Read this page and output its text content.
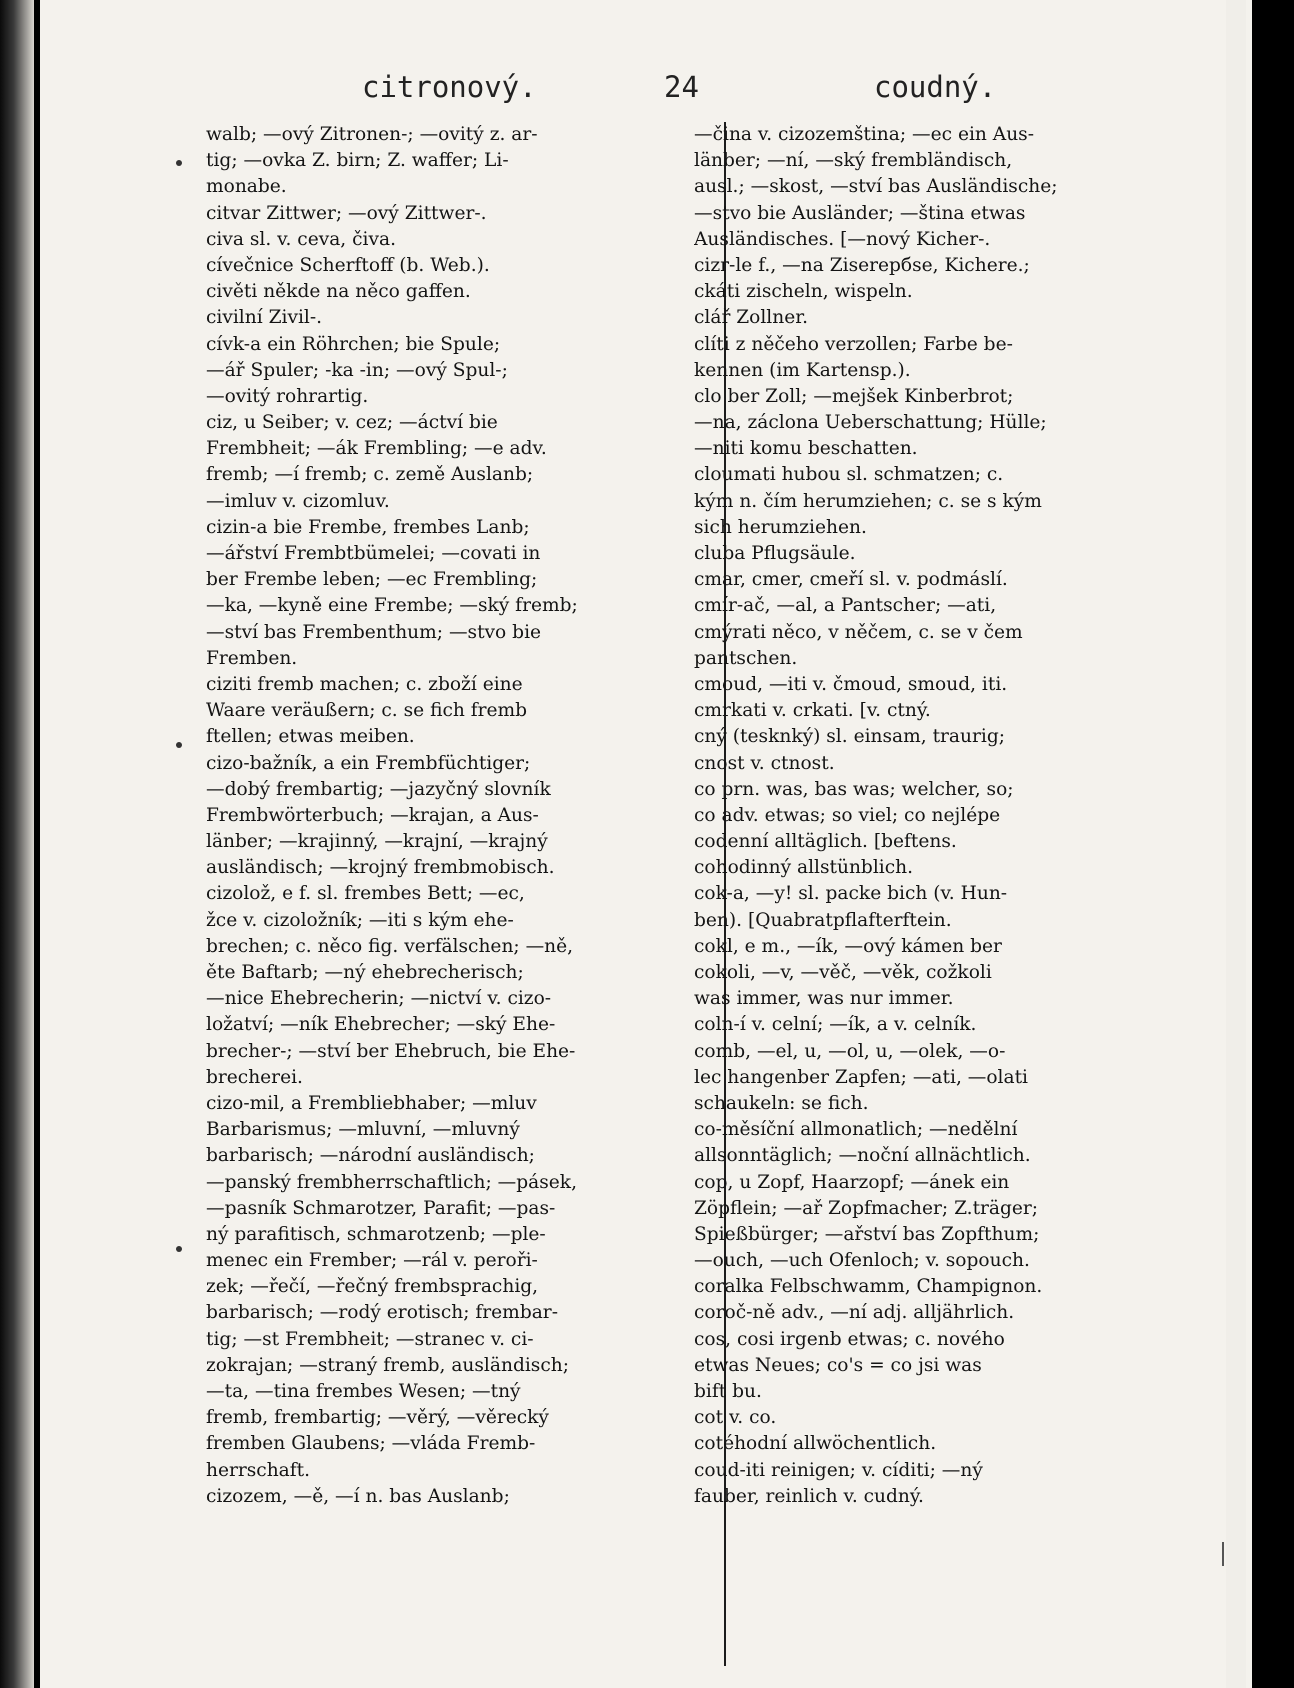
citronový.	24	coudný.
walb; —ový Zitronen-; —ovitý z. ar-
tig; —ovka Z. birn; Z. waffer; Li-
monabe.
citvar Zittwer; —ový Zittwer-.
civa sl. v. ceva, čiva.
cívečnice Scherftoff (b. Web.).
civěti někde na něco gaffen.
civilní Zivil-.
cívk-a ein Röhrchen; bie Spule;
—ář Spuler; -ka -in; —ový Spul-;
—ovitý rohrartig.
ciz, u Seiber; v. cez; —áctví bie
Frembheit; —ák Frembling; —e adv.
fremb; —í fremb; c. země Auslanb;
—imluv v. cizomluv.
cizin-a bie Frembe, frembes Lanb;
—ářství Frembtbümelei; —covati in
ber Frembe leben; —ec Frembling;
—ka, —kyně eine Frembe; —ský fremb;
—ství bas Frembenthum; —stvo bie
Fremben.
ciziti fremb machen; c. zboží eine
Waare veräußern; c. se fich fremb
ftellen; etwas meiben.
cizo-bažník, a ein Frembfüchtiger;
—dobý frembartig; —jazyčný slovník
Frembwörterbuch; —krajan, a Aus-
länber; —krajinný, —krajní, —krajný
ausländisch; —krojný frembmobisch.
cizolož, e f. sl. frembes Bett; —ec,
žce v. cizoložník; —iti s kým ehe-
brechen; c. něco fig. verfälschen; —ně,
ěte Baftarb; —ný ehebrecherisch;
—nice Ehebrecherin; —nictví v. cizo-
ložatví; —ník Ehebrecher; —ský Ehe-
brecher-; —ství ber Ehebruch, bie Ehe-
brecherei.
cizo-mil, a Frembliebhaber; —mluv
Barbarismus; —mluvní, —mluvný
barbarisch; —národní ausländisch;
—panský frembherrschaftlich; —pásek,
—pasník Schmarotzer, Parafit; —pas-
ný parafitisch, schmarotzenb; —ple-
menec ein Frember; —rál v. peroři-
zek; —řečí, —řečný frembsprachig,
barbarisch; —rodý erotisch; frembar-
tig; —st Frembheit; —stranec v. ci-
zokrajan; —straný fremb, ausländisch;
—ta, —tina frembes Wesen; —tný
fremb, frembartig; —věrý, —věrecký
fremben Glaubens; —vláda Fremb-
herrschaft.
cizozem, —ě, —í n. bas Auslanb;
—čina v. cizozemština; —ec ein Aus-
länber; —ní, —ský frembländisch,
ausl.; —skost, —ství bas Ausländische;
—stvo bie Ausländer; —ština etwas
Ausländisches. [—nový Kicher-.
cizr-le f., —na Ziserербse, Kichere.;
ckáti zischeln, wispeln.
clář Zollner.
clíti z něčeho verzollen; Farbe be-
kennen (im Kartensp.).
clo ber Zoll; —mejšek Kinberbrot;
—na, záclona Ueberschattung; Hülle;
—niti komu beschatten.
cloumati hubou sl. schmatzen; c.
kým n. čím herumziehen; c. se s kým
sich herumziehen.
cluba Pflugsäule.
cmar, cmer, cmeří sl. v. podmáslí.
cmír-ač, —al, a Pantscher; —ati,
cmýrati něco, v něčem, c. se v čem
pantschen.
cmoud, —iti v. čmoud, smoud, iti.
cmrkati v. crkati. [v. ctný.
cný (tesknký) sl. einsam, traurig;
cnost v. ctnost.
co prn. was, bas was; welcher, so;
co adv. etwas; so viel; co nejlépe
codenní alltäglich. [beftens.
cohodinný allstünblich.
cok-a, —y! sl. packe bich (v. Hun-
ben). [Quabratpflafterftein.
cokl, e m., —ík, —ový kámen ber
cokoli, —v, —věč, —věk, cožkoli
was immer, was nur immer.
coln-í v. celní; —ík, a v. celník.
comb, —el, u, —ol, u, —olek, —o-
lec hangenber Zapfen; —ati, —olati
schaukeln: se fich.
co-měsíční allmonatlich; —nedělní
allsonntäglich; —noční allnächtlich.
cop, u Zopf, Haarzopf; —ánek ein
Zöpflein; —ař Zopfmacher; Z.träger;
Spießbürger; —ařství bas Zopfthum;
—ouch, —uch Ofenloch; v. sopouch.
coralka Felbschwamm, Champignon.
coroč-ně adv., —ní adj. alljährlich.
cos, cosi irgenb etwas; c. nového
etwas Neues; co's = co jsi was
bift bu.
cot v. co.
cotéhodní allwöchentlich.
coud-iti reinigen; v. cíditi; —ný
fauber, reinlich v. cudný.
